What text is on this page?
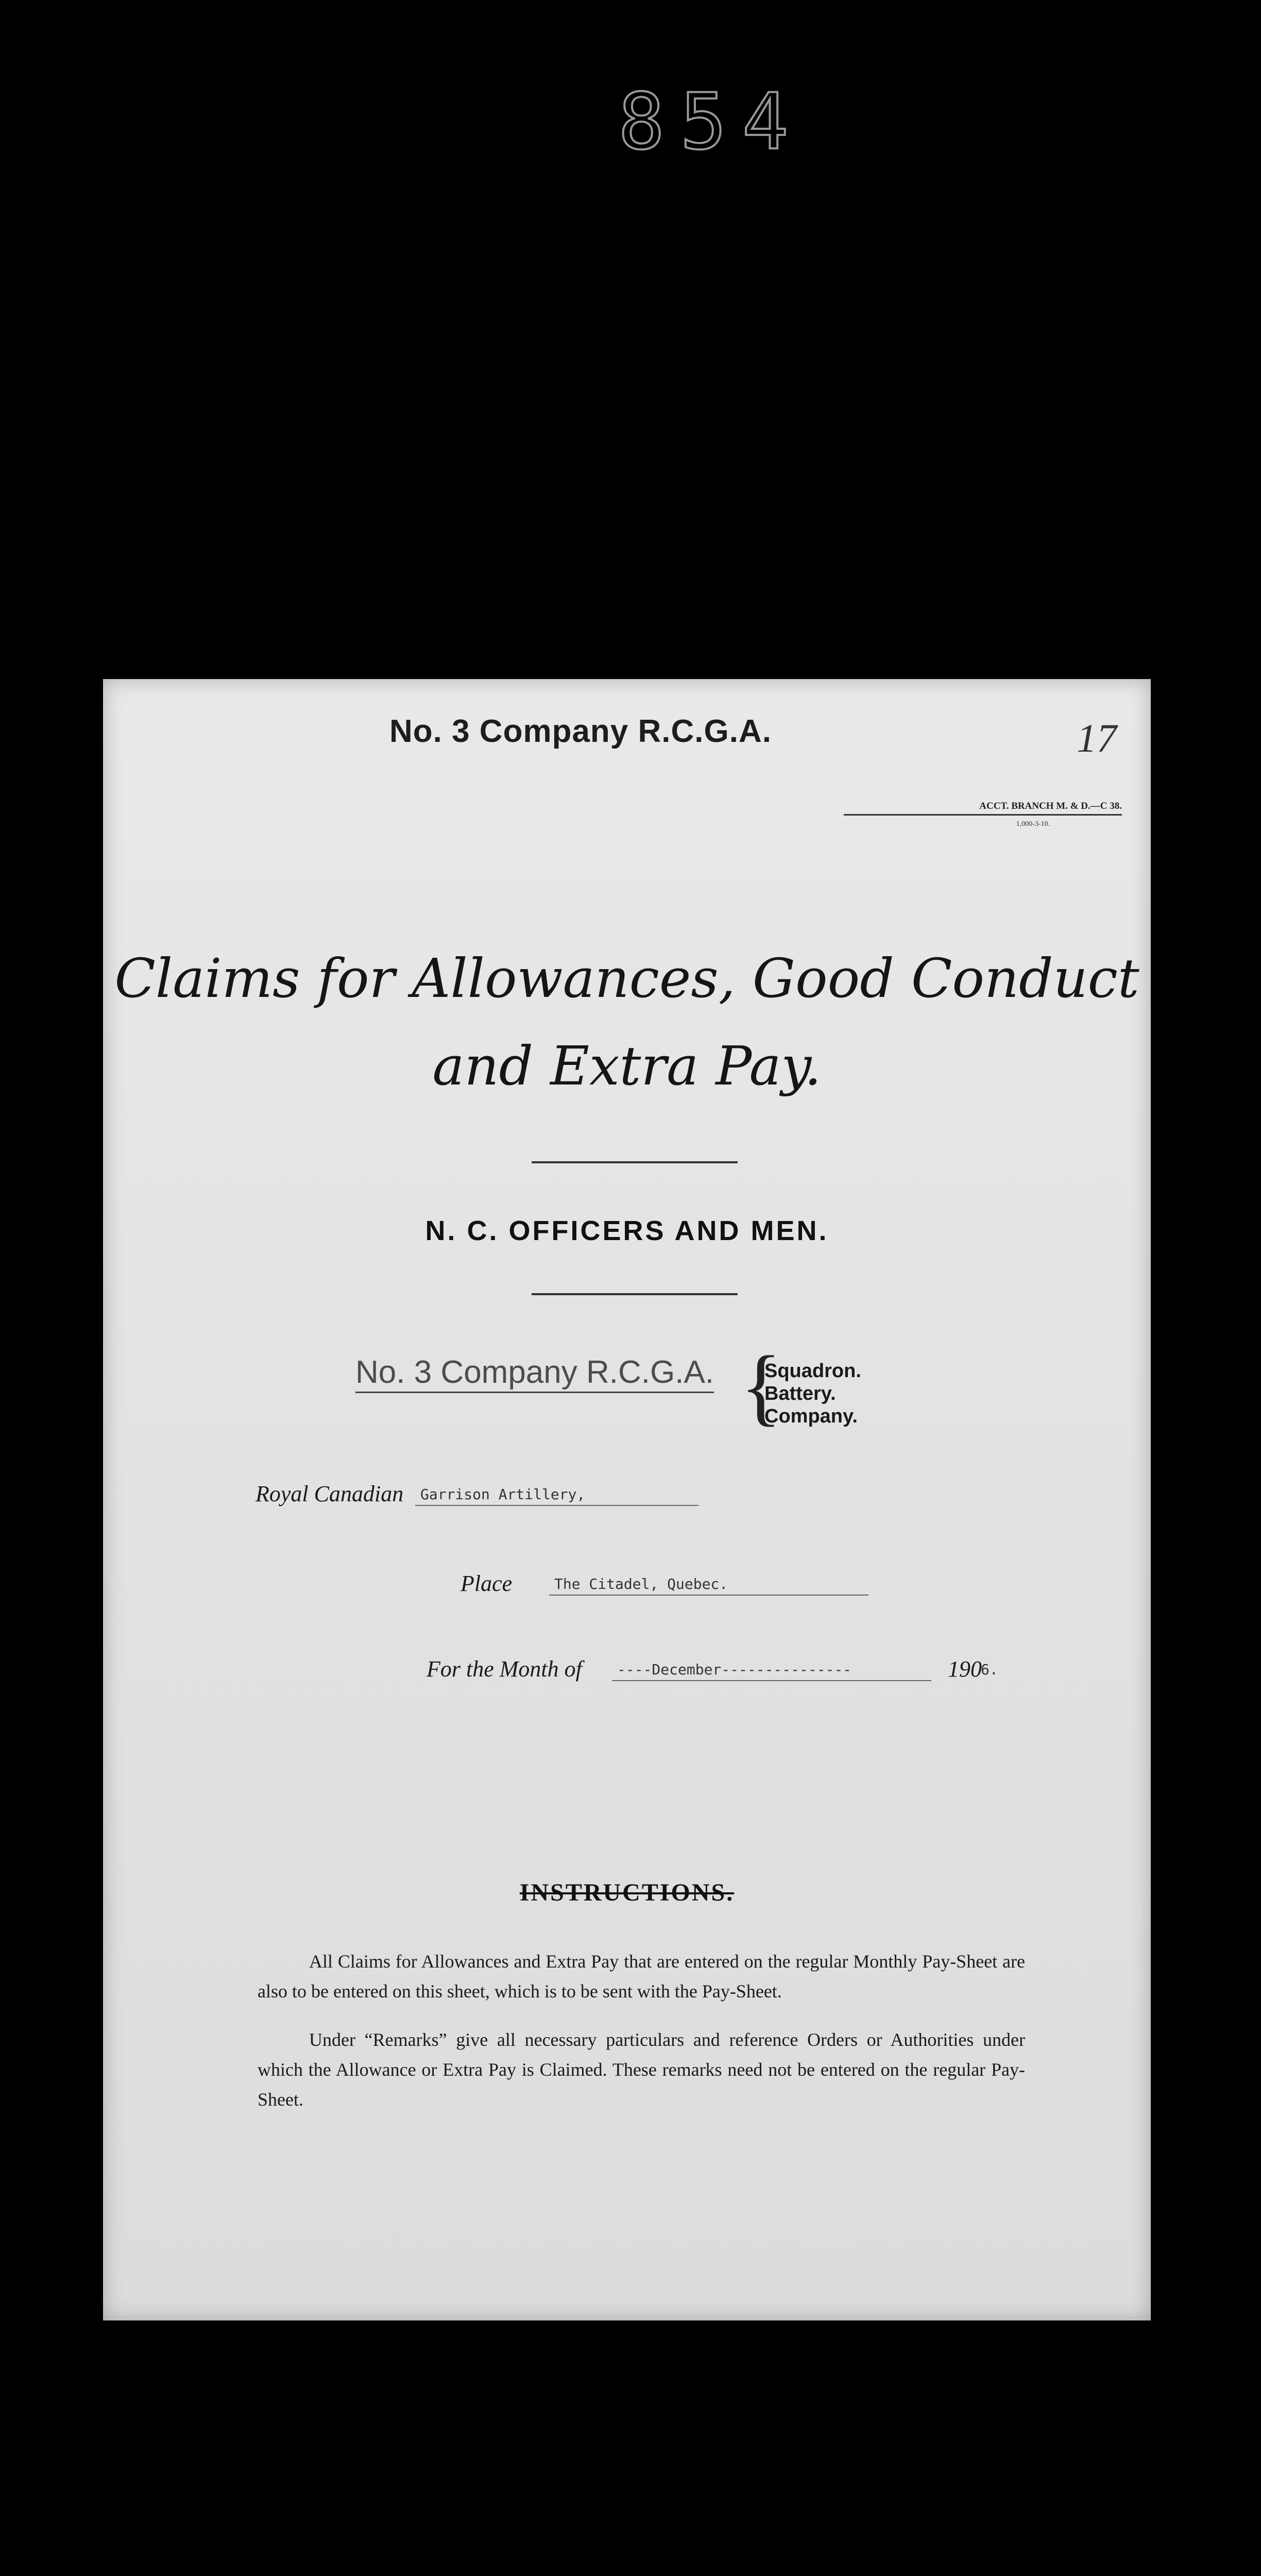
854
No. 3 Company R.C.G.A.	17
ACCT. BRANCH M. & D.—C 38.
1,000-3-10.
Claims for Allowances, Good Conduct
and Extra Pay.
N. C. OFFICERS AND MEN.
No. 3 Company R.C.G.A. {
Squadron.
Battery.
Company.
Royal Canadian	Garrison Artillery,
Place	The Citadel, Quebec.
For the Month of	----December---------------	190
6.
INSTRUCTIONS.
All Claims for Allowances and Extra Pay that are entered on the regular Monthly Pay-Sheet are also to be entered on this sheet, which is to be sent with the Pay-Sheet.
Under “Remarks” give all necessary particulars and reference Orders or Authorities under which the Allowance or Extra Pay is Claimed. These remarks need not be entered on the regular Pay-Sheet.
